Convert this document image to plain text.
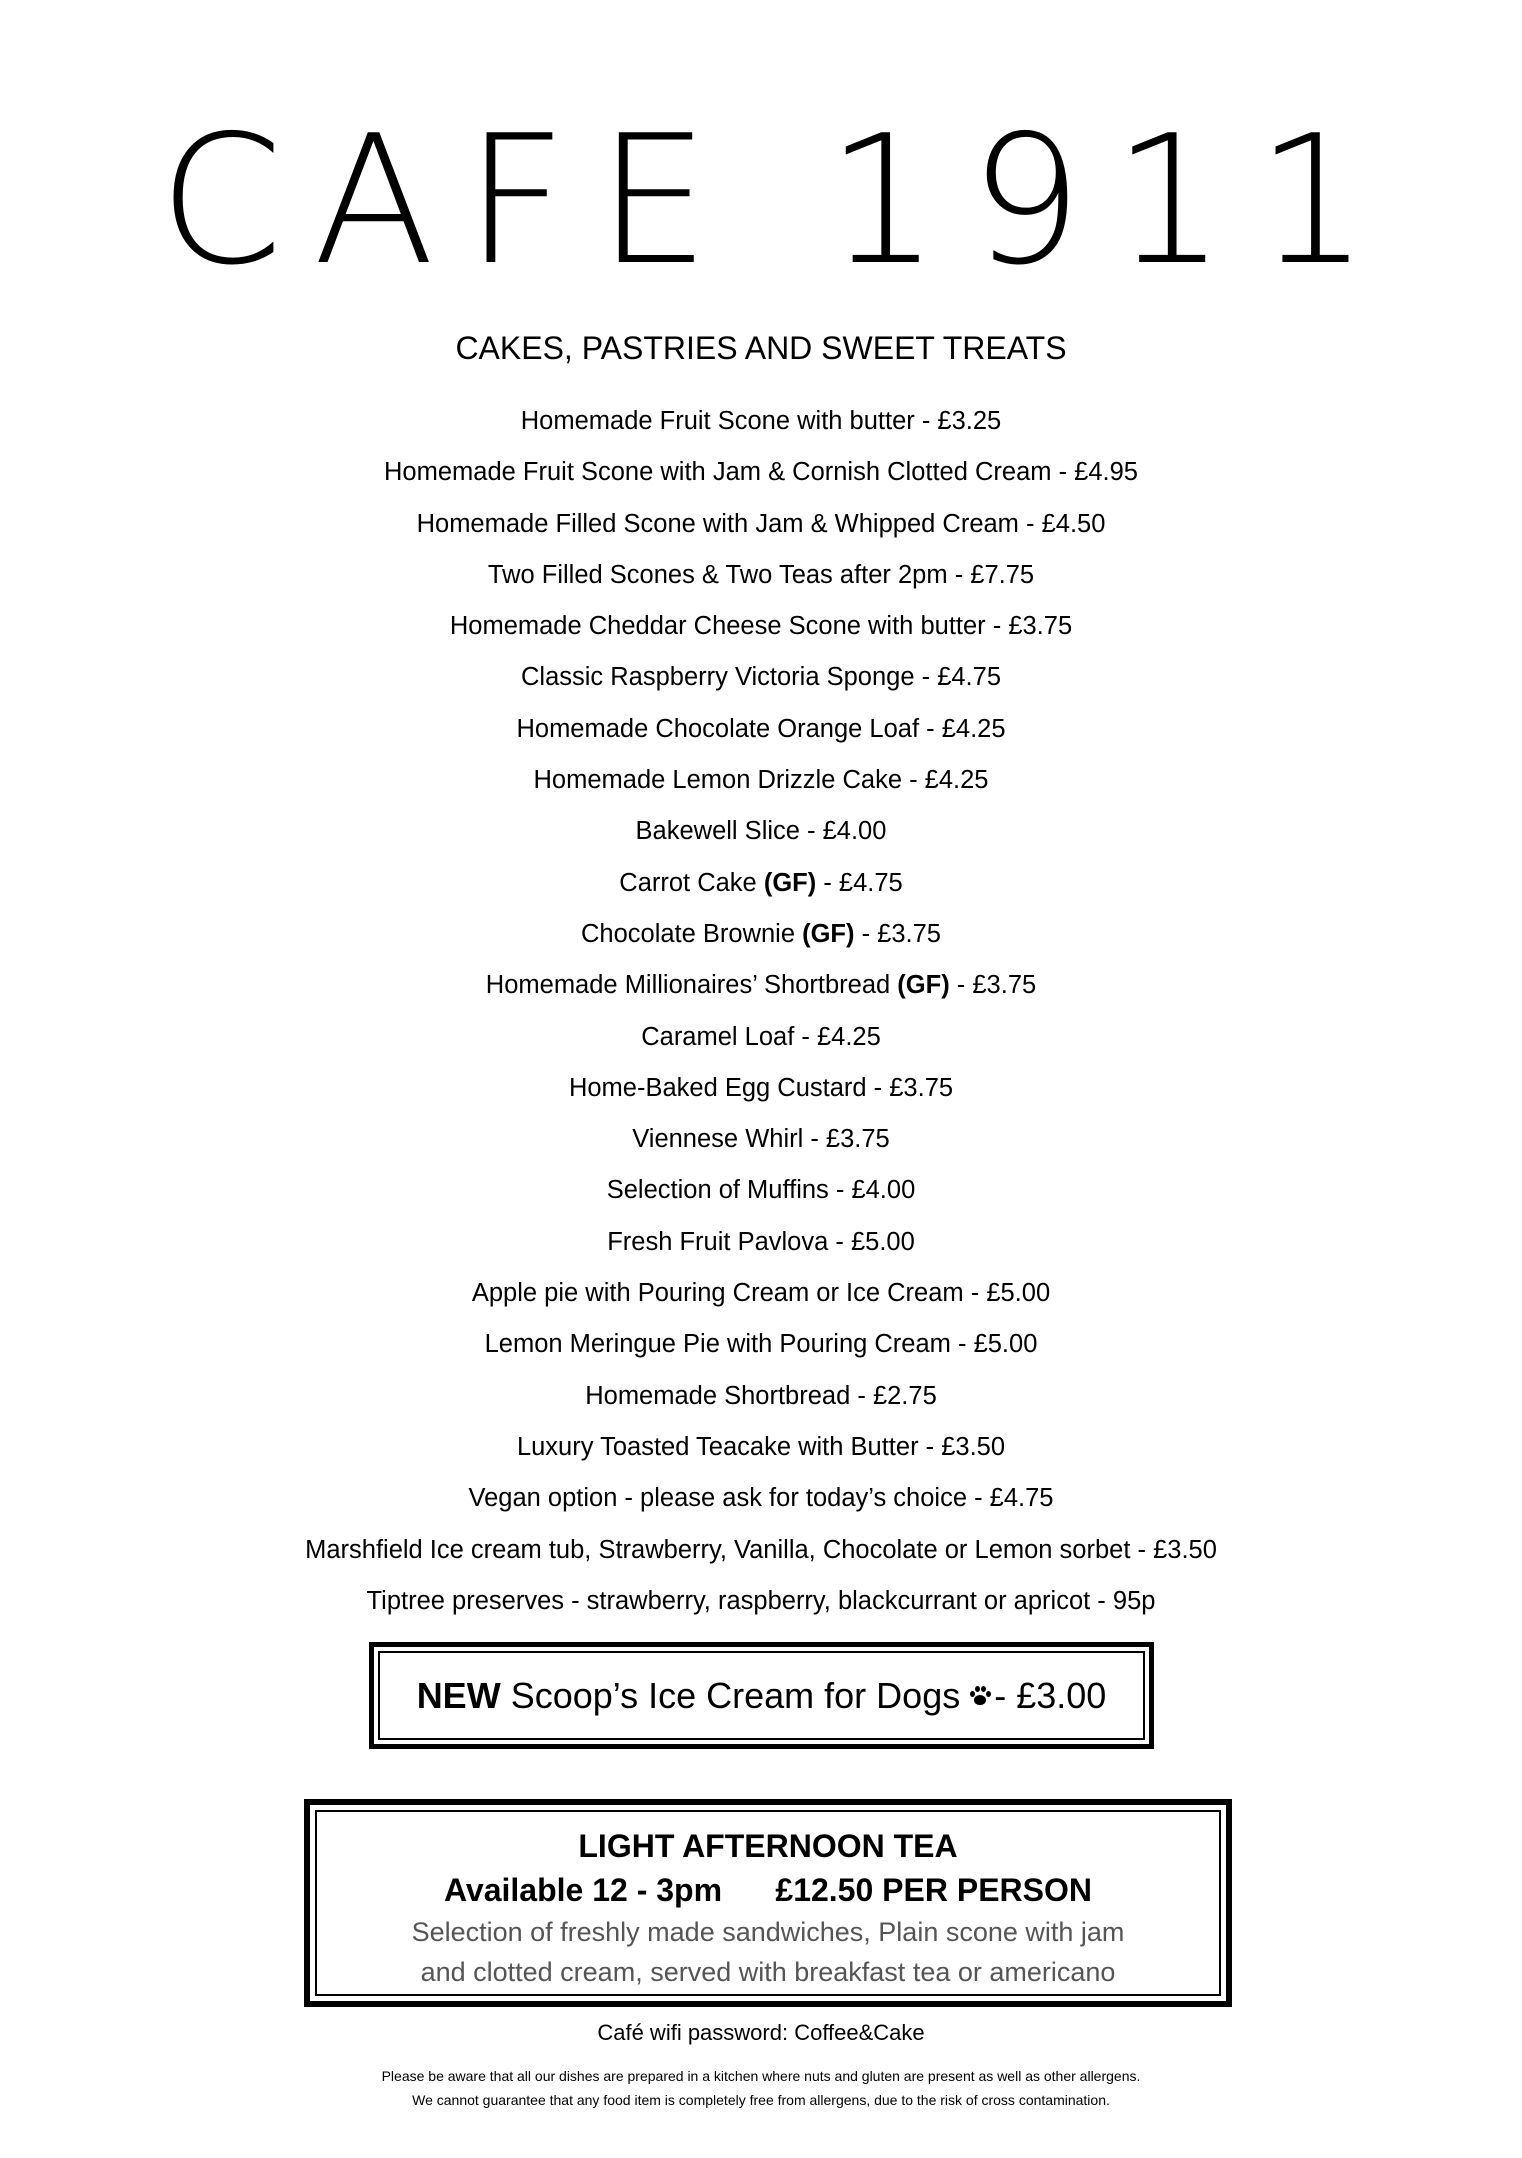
CAFE 1911
CAKES, PASTRIES AND SWEET TREATS
Homemade Fruit Scone with butter - £3.25
Homemade Fruit Scone with Jam & Cornish Clotted Cream - £4.95
Homemade Filled Scone with Jam & Whipped Cream - £4.50
Two Filled Scones & Two Teas after 2pm - £7.75
Homemade Cheddar Cheese Scone with butter - £3.75
Classic Raspberry Victoria Sponge - £4.75
Homemade Chocolate Orange Loaf - £4.25
Homemade Lemon Drizzle Cake - £4.25
Bakewell Slice - £4.00
Carrot Cake (GF) - £4.75
Chocolate Brownie (GF) - £3.75
Homemade Millionaires’ Shortbread (GF) - £3.75
Caramel Loaf - £4.25
Home-Baked Egg Custard - £3.75
Viennese Whirl - £3.75
Selection of Muffins - £4.00
Fresh Fruit Pavlova - £5.00
Apple pie with Pouring Cream or Ice Cream - £5.00
Lemon Meringue Pie with Pouring Cream - £5.00
Homemade Shortbread - £2.75
Luxury Toasted Teacake with Butter - £3.50
Vegan option - please ask for today’s choice - £4.75
Marshfield Ice cream tub, Strawberry, Vanilla, Chocolate or Lemon sorbet - £3.50
Tiptree preserves - strawberry, raspberry, blackcurrant or apricot - 95p
NEW Scoop’s Ice Cream for Dogs - £3.00
LIGHT AFTERNOON TEA
Available 12 - 3pm      £12.50 PER PERSON
Selection of freshly made sandwiches, Plain scone with jam
and clotted cream, served with breakfast tea or americano
Café wifi password: Coffee&Cake
Please be aware that all our dishes are prepared in a kitchen where nuts and gluten are present as well as other allergens.
We cannot guarantee that any food item is completely free from allergens, due to the risk of cross contamination.
